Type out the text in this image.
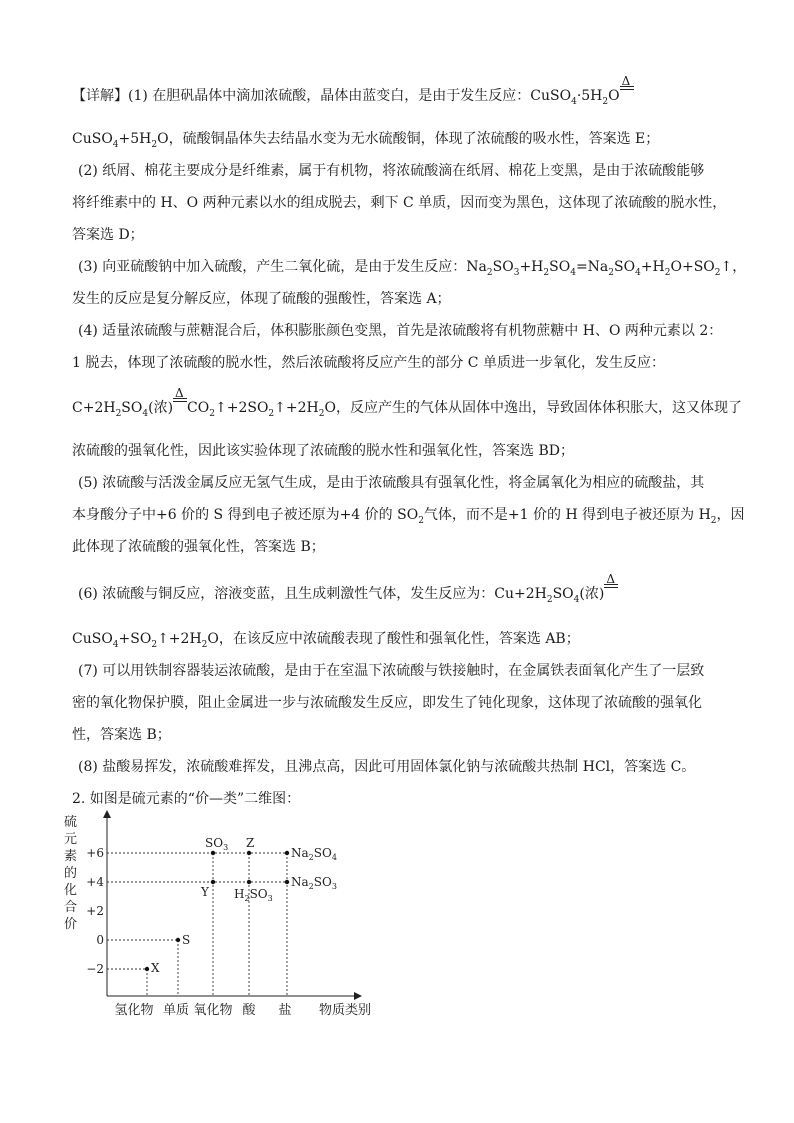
【详解】(1) 在胆矾晶体中滴加浓硫酸，晶体由蓝变白，是由于发生反应：$CuSO_4\cdot 5H_2O$
Δ
$CuSO_4+5H_2O$，硫酸铜晶体失去结晶水变为无水硫酸铜，体现了浓硫酸的吸水性，答案选 E；
(2) 纸屑、棉花主要成分是纤维素，属于有机物，将浓硫酸滴在纸屑、棉花上变黑，是由于浓硫酸能够
将纤维素中的 H、O 两种元素以水的组成脱去，剩下 C 单质，因而变为黑色，这体现了浓硫酸的脱水性，
答案选 D；
(3) 向亚硫酸钠中加入硫酸，产生二氧化硫，是由于发生反应：$Na_2SO_3+H_2SO_4=Na_2SO_4+H_2O+SO_2↑$，
发生的反应是复分解反应，体现了硫酸的强酸性，答案选 A；
(4) 适量浓硫酸与蔗糖混合后，体积膨胀颜色变黑，首先是浓硫酸将有机物蔗糖中 H、O 两种元素以 2：
1 脱去，体现了浓硫酸的脱水性，然后浓硫酸将反应产生的部分 C 单质进一步氧化，发生反应：
$C+2H_2SO_4$(浓)
Δ
$CO_2↑+2SO_2↑+2H_2O$，反应产生的气体从固体中逸出，导致固体体积胀大，这又体现了
浓硫酸的强氧化性，因此该实验体现了浓硫酸的脱水性和强氧化性，答案选 BD；
(5) 浓硫酸与活泼金属反应无氢气生成，是由于浓硫酸具有强氧化性，将金属氧化为相应的硫酸盐，其
本身酸分子中+6 价的 S 得到电子被还原为+4 价的 $SO_2$气体，而不是+1 价的 H 得到电子被还原为 $H_2$，因
此体现了浓硫酸的强氧化性，答案选 B；
(6) 浓硫酸与铜反应，溶液变蓝，且生成刺激性气体，发生反应为：$Cu+2H_2SO_4$(浓)
Δ
$CuSO_4+SO_2↑+2H_2O$，在该反应中浓硫酸表现了酸性和强氧化性，答案选 AB；
(7) 可以用铁制容器装运浓硫酸，是由于在室温下浓硫酸与铁接触时，在金属铁表面氧化产生了一层致
密的氧化物保护膜，阻止金属进一步与浓硫酸发生反应，即发生了钝化现象，这体现了浓硫酸的强氧化
性，答案选 B；
(8) 盐酸易挥发，浓硫酸难挥发，且沸点高，因此可用固体氯化钠与浓硫酸共热制 HCl，答案选 C。
2. 如图是硫元素的“价—类”二维图：
硫
元
素
的
化
合
价
+6
+4
+2
0
−2	X
S
$SO_3$ Z
Y $H_2SO_3$
$Na_2SO_4$
$Na_2SO_3$
氢化物 单质 氧化物 酸 盐 物质类别
